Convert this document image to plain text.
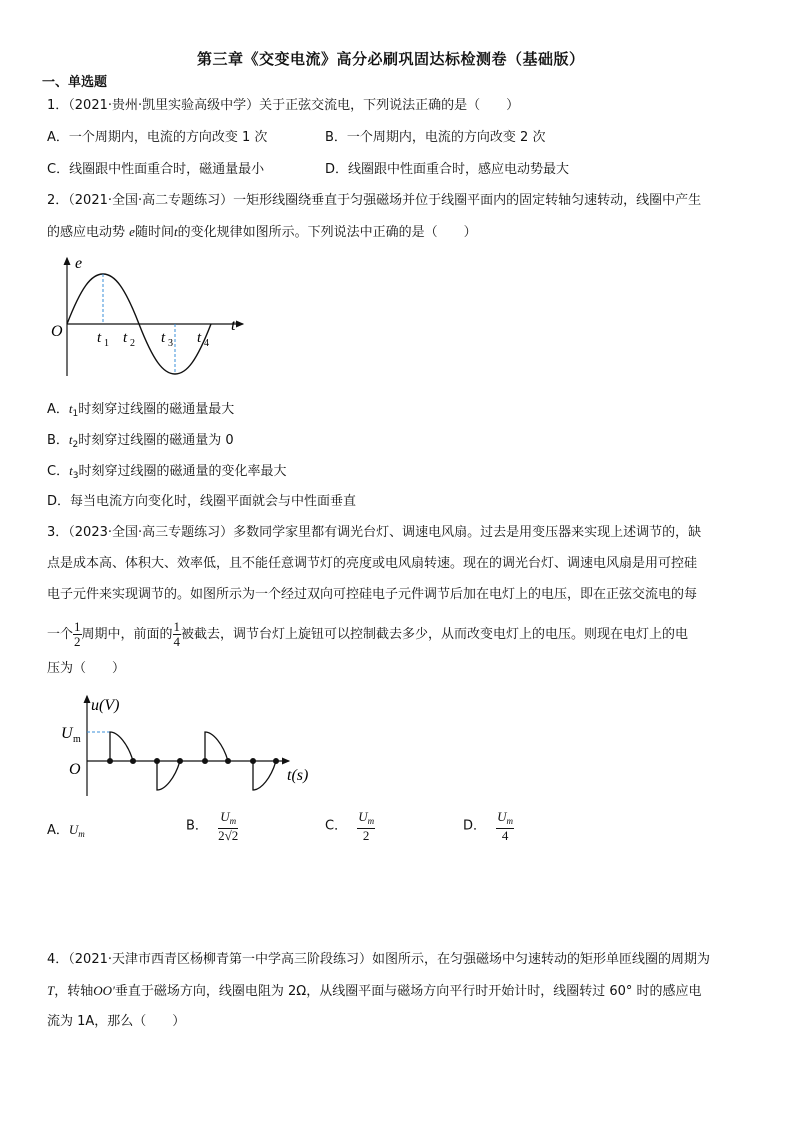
第三章《交变电流》高分必刷巩固达标检测卷（基础版）
一、单选题
1．（2021·贵州·凯里实验高级中学）关于正弦交流电，下列说法正确的是（　　）
A．一个周期内，电流的方向改变 1 次	B．一个周期内，电流的方向改变 2 次
C．线圈跟中性面重合时，磁通量最小	D．线圈跟中性面重合时，感应电动势最大
2．（2021·全国·高二专题练习）一矩形线圈绕垂直于匀强磁场并位于线圈平面内的固定转轴匀速转动，线圈中产生
的感应电动势 e随时间t的变化规律如图所示。下列说法中正确的是（　　）
e
t
O t 1 t 2 t 3 t 4
A．$t_1$时刻穿过线圈的磁通量最大
B．$t_2$时刻穿过线圈的磁通量为 0
C．$t_3$时刻穿过线圈的磁通量的变化率最大
D．每当电流方向变化时，线圈平面就会与中性面垂直
3．（2023·全国·高三专题练习）多数同学家里都有调光台灯、调速电风扇。过去是用变压器来实现上述调节的，缺
点是成本高、体积大、效率低，且不能任意调节灯的亮度或电风扇转速。现在的调光台灯、调速电风扇是用可控硅
电子元件来实现调节的。如图所示为一个经过双向可控硅电子元件调节后加在电灯上的电压，即在正弦交流电的每
一个 $\frac{1}{2}$ 周期中，前面的 $\frac{1}{4}$ 被截去，调节台灯上旋钮可以控制截去多少，从而改变电灯上的电压。则现在电灯上的电
压为（　　）
u(V)
t(s)
O
U m
A．$U_m$
B． $\frac{U_m}{2√2}$	C． $\frac{U_m}{2}$	D． $\frac{U_m}{4}$
4．（2021·天津市西青区杨柳青第一中学高三阶段练习）如图所示，在匀强磁场中匀速转动的矩形单匝线圈的周期为
T，转轴OO′垂直于磁场方向，线圈电阻为 2Ω，从线圈平面与磁场方向平行时开始计时，线圈转过 60° 时的感应电
流为 1A，那么（　　）
